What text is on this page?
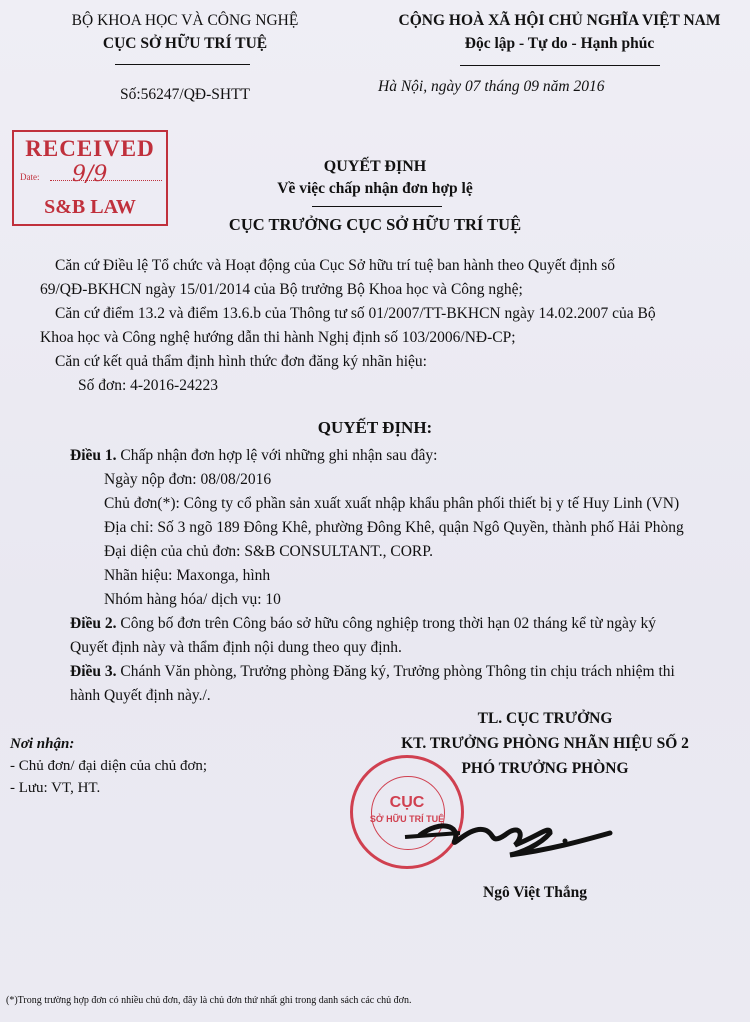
BỘ KHOA HỌC VÀ CÔNG NGHỆ
CỤC SỞ HỮU TRÍ TUỆ
Số:56247/QĐ-SHTT
CỘNG HOÀ XÃ HỘI CHỦ NGHĨA VIỆT NAM
Độc lập - Tự do - Hạnh phúc
Hà Nội, ngày 07 tháng 09 năm 2016
RECEIVED
Date: 9/9
S&B LAW
QUYẾT ĐỊNH
Về việc chấp nhận đơn hợp lệ
CỤC TRƯỞNG CỤC SỞ HỮU TRÍ TUỆ
Căn cứ Điều lệ Tổ chức và Hoạt động của Cục Sở hữu trí tuệ ban hành theo Quyết định số
69/QĐ-BKHCN ngày 15/01/2014 của Bộ trưởng Bộ Khoa học và Công nghệ;
Căn cứ điểm 13.2 và điểm 13.6.b của Thông tư số 01/2007/TT-BKHCN ngày 14.02.2007 của Bộ
Khoa học và Công nghệ hướng dẫn thi hành Nghị định số 103/2006/NĐ-CP;
Căn cứ kết quả thẩm định hình thức đơn đăng ký nhãn hiệu:
Số đơn: 4-2016-24223
QUYẾT ĐỊNH:
Điều 1. Chấp nhận đơn hợp lệ với những ghi nhận sau đây:
Ngày nộp đơn: 08/08/2016
Chủ đơn(*): Công ty cổ phần sản xuất xuất nhập khẩu phân phối thiết bị y tế Huy Linh (VN)
Địa chỉ: Số 3 ngõ 189 Đông Khê, phường Đông Khê, quận Ngô Quyền, thành phố Hải Phòng
Đại diện của chủ đơn: S&B CONSULTANT., CORP.
Nhãn hiệu: Maxonga, hình
Nhóm hàng hóa/ dịch vụ: 10
Điều 2. Công bố đơn trên Công báo sở hữu công nghiệp trong thời hạn 02 tháng kể từ ngày ký
Quyết định này và thẩm định nội dung theo quy định.
Điều 3. Chánh Văn phòng, Trưởng phòng Đăng ký, Trưởng phòng Thông tin chịu trách nhiệm thi
hành Quyết định này./.
Nơi nhận:
- Chủ đơn/ đại diện của chủ đơn;
- Lưu: VT, HT.
CỤC
SỞ HỮU TRÍ TUỆ
TL. CỤC TRƯỞNG
KT. TRƯỞNG PHÒNG NHÃN HIỆU SỐ 2
PHÓ TRƯỞNG PHÒNG
Ngô Việt Thắng
(*)Trong trường hợp đơn có nhiều chủ đơn, đây là chủ đơn thứ nhất ghi trong danh sách các chủ đơn.
